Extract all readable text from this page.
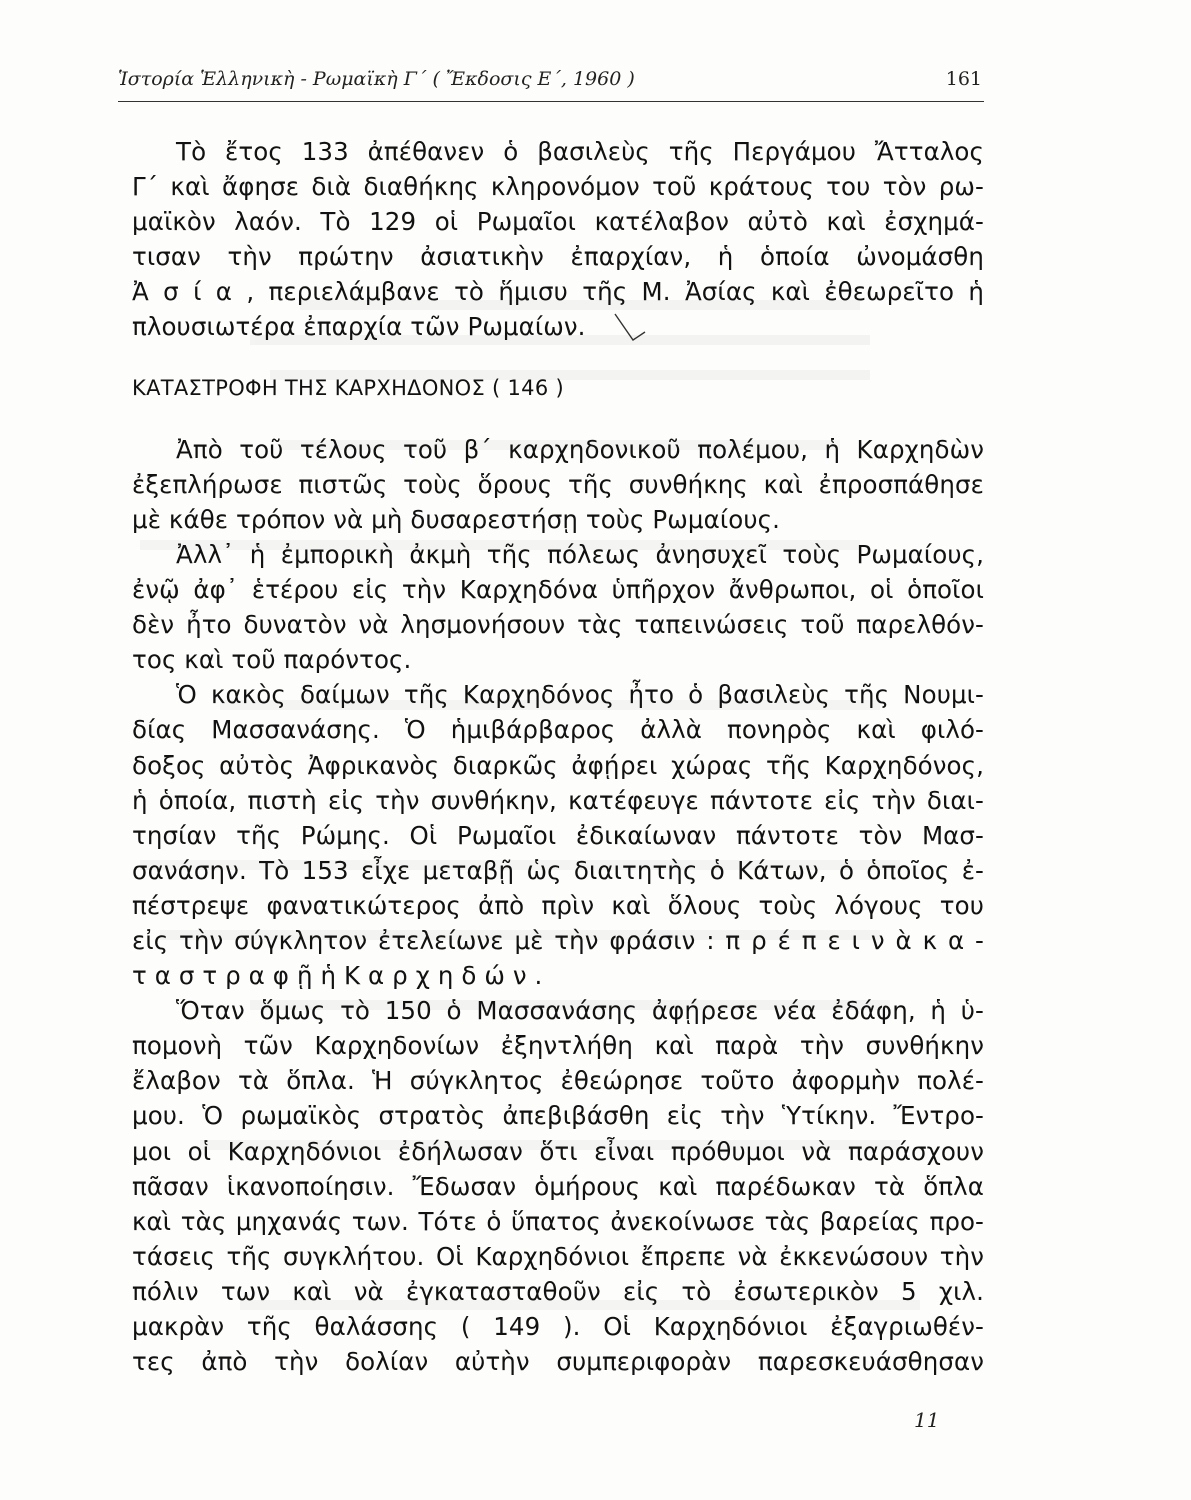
Ἱστορία Ἑλληνικὴ - Ρωμαϊκὴ Γ΄ ( Ἔκδοσις Ε΄, 1960 )	161
Τὸ ἔτος 133 ἀπέθανεν ὁ βασιλεὺς τῆς Περγάμου Ἄτταλος
Γ΄ καὶ ἄφησε διὰ διαθήκης κληρονόμον τοῦ κράτους του τὸν ρω-
μαϊκὸν λαόν. Τὸ 129 οἱ Ρωμαῖοι κατέλαβον αὐτὸ καὶ ἐσχημά-
τισαν τὴν πρώτην ἀσιατικὴν ἐπαρχίαν, ἡ ὁποία ὠνομάσθη
Ἀ σ ί α , περιελάμβανε τὸ ἥμισυ τῆς Μ. Ἀσίας καὶ ἐθεωρεῖτο ἡ
πλουσιωτέρα ἐπαρχία τῶν Ρωμαίων.
ΚΑΤΑΣΤΡΟΦΗ ΤΗΣ ΚΑΡΧΗΔΟΝΟΣ ( 146 )
Ἀπὸ τοῦ τέλους τοῦ β΄ καρχηδονικοῦ πολέμου, ἡ Καρχηδὼν
ἐξεπλήρωσε πιστῶς τοὺς ὅρους τῆς συνθήκης καὶ ἐπροσπάθησε
μὲ κάθε τρόπον νὰ μὴ δυσαρεστήσῃ τοὺς Ρωμαίους.
Ἀλλ᾽ ἡ ἐμπορικὴ ἀκμὴ τῆς πόλεως ἀνησυχεῖ τοὺς Ρωμαίους,
ἐνῷ ἀφ᾽ ἑτέρου εἰς τὴν Καρχηδόνα ὑπῆρχον ἄνθρωποι, οἱ ὁποῖοι
δὲν ἦτο δυνατὸν νὰ λησμονήσουν τὰς ταπεινώσεις τοῦ παρελθόν-
τος καὶ τοῦ παρόντος.
Ὁ κακὸς δαίμων τῆς Καρχηδόνος ἦτο ὁ βασιλεὺς τῆς Νουμι-
δίας Μασσανάσης. Ὁ ἡμιβάρβαρος ἀλλὰ πονηρὸς καὶ φιλό-
δοξος αὐτὸς Ἀφρικανὸς διαρκῶς ἀφῄρει χώρας τῆς Καρχηδόνος,
ἡ ὁποία, πιστὴ εἰς τὴν συνθήκην, κατέφευγε πάντοτε εἰς τὴν διαι-
τησίαν τῆς Ρώμης. Οἱ Ρωμαῖοι ἐδικαίωναν πάντοτε τὸν Μασ-
σανάσην. Τὸ 153 εἶχε μεταβῇ ὡς διαιτητὴς ὁ Κάτων, ὁ ὁποῖος ἐ-
πέστρεψε φανατικώτερος ἀπὸ πρὶν καὶ ὅλους τοὺς λόγους του
εἰς τὴν σύγκλητον ἐτελείωνε μὲ τὴν φράσιν : π ρ έ π ε ι ν ὰ κ α -
τ α σ τ ρ α φ ῇ ἡ Κ α ρ χ η δ ώ ν .
Ὅταν ὅμως τὸ 150 ὁ Μασσανάσης ἀφῄρεσε νέα ἐδάφη, ἡ ὑ-
πομονὴ τῶν Καρχηδονίων ἐξηντλήθη καὶ παρὰ τὴν συνθήκην
ἔλαβον τὰ ὅπλα. Ἡ σύγκλητος ἐθεώρησε τοῦτο ἀφορμὴν πολέ-
μου. Ὁ ρωμαϊκὸς στρατὸς ἀπεβιβάσθη εἰς τὴν Ὑτίκην. Ἔντρο-
μοι οἱ Καρχηδόνιοι ἐδήλωσαν ὅτι εἶναι πρόθυμοι νὰ παράσχουν
πᾶσαν ἱκανοποίησιν. Ἔδωσαν ὁμήρους καὶ παρέδωκαν τὰ ὅπλα
καὶ τὰς μηχανάς των. Τότε ὁ ὕπατος ἀνεκοίνωσε τὰς βαρείας προ-
τάσεις τῆς συγκλήτου. Οἱ Καρχηδόνιοι ἔπρεπε νὰ ἐκκενώσουν τὴν
πόλιν των καὶ νὰ ἐγκατασταθοῦν εἰς τὸ ἐσωτερικὸν 5 χιλ.
μακρὰν τῆς θαλάσσης ( 149 ). Οἱ Καρχηδόνιοι ἐξαγριωθέν-
τες ἀπὸ τὴν δολίαν αὐτὴν συμπεριφορὰν παρεσκευάσθησαν
11
